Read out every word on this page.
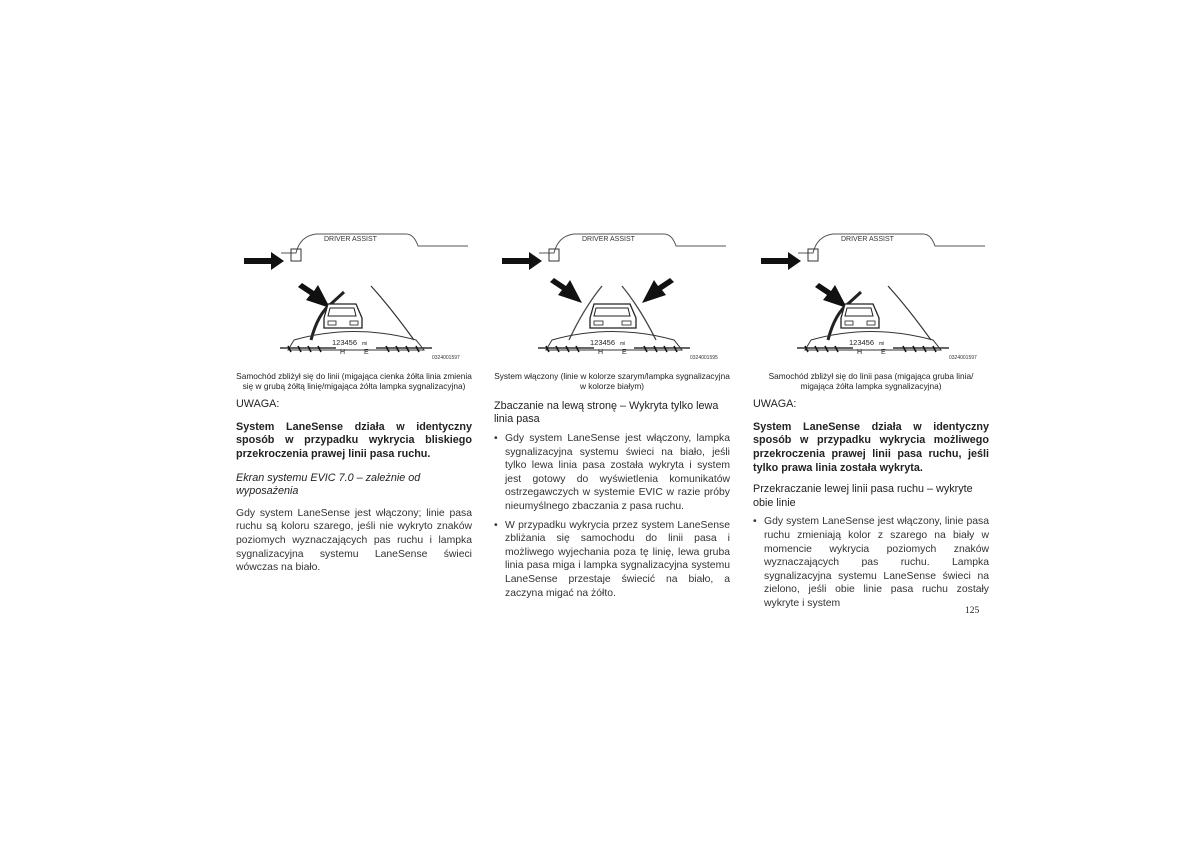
DRIVER ASSIST
123456 mi
H	E
0324001597
Samochód zbliżył się do linii (migająca cienka żółta linia zmienia się w grubą żółtą linię/migająca żółta lampka sygnalizacyjna)
UWAGA:
System LaneSense działa w identyczny sposób w przypadku wykrycia bliskiego przekroczenia prawej linii pasa ruchu.
Ekran systemu EVIC 7.0 – zależnie od wyposażenia
Gdy system LaneSense jest włączony; linie pasa ruchu są koloru szarego, jeśli nie wykryto znaków poziomych wyznaczających pas ruchu i lampka sygnalizacyjna systemu LaneSense świeci wówczas na biało.
DRIVER ASSIST
123456 mi
H	E
0324001595
System włączony (linie w kolorze szarym/lampka sygnalizacyjna w kolorze białym)
Zbaczanie na lewą stronę – Wykryta tylko lewa linia pasa
• Gdy system LaneSense jest włączony, lampka sygnalizacyjna systemu świeci na biało, jeśli tylko lewa linia pasa została wykryta i system jest gotowy do wyświetlenia komunikatów ostrzegawczych w systemie EVIC w razie próby nieumyślnego zbaczania z pasa ruchu.
• W przypadku wykrycia przez system LaneSense zbliżania się samochodu do linii pasa i możliwego wyjechania poza tę linię, lewa gruba linia pasa miga i lampka sygnalizacyjna systemu LaneSense przestaje świecić na biało, a zaczyna migać na żółto.
DRIVER ASSIST
123456 mi
H	E
0324001597
Samochód zbliżył się do linii pasa (migająca gruba linia/ migająca żółta lampka sygnalizacyjna)
UWAGA:
System LaneSense działa w identyczny sposób w przypadku wykrycia możliwego przekroczenia prawej linii pasa ruchu, jeśli tylko prawa linia została wykryta.
Przekraczanie lewej linii pasa ruchu – wykryte obie linie
• Gdy system LaneSense jest włączony, linie pasa ruchu zmieniają kolor z szarego na biały w momencie wykrycia poziomych znaków wyznaczających pas ruchu. Lampka sygnalizacyjna systemu LaneSense świeci na zielono, jeśli obie linie pasa ruchu zostały wykryte i system
125
